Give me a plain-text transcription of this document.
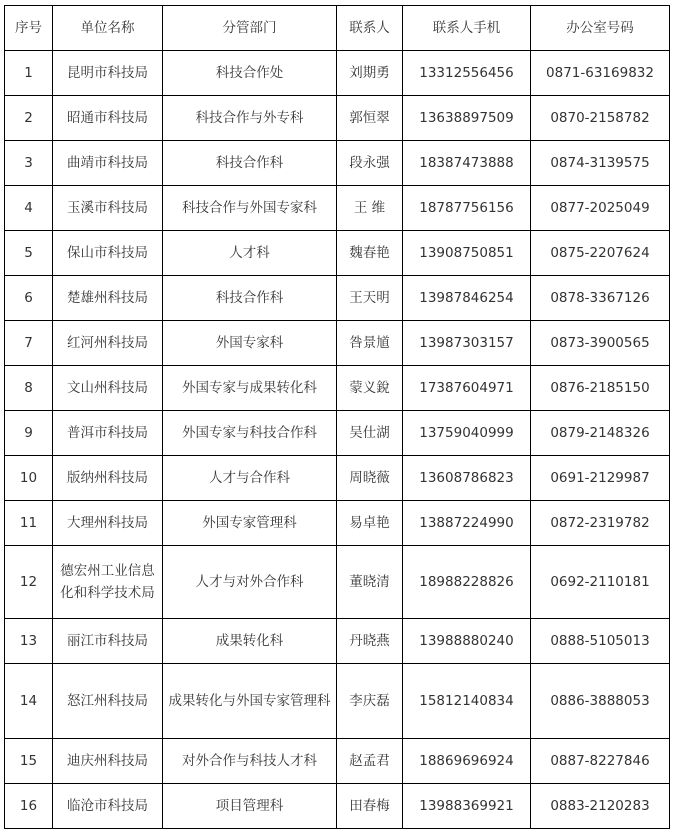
序号	单位名称	分管部门	联系人	联系人手机	办公室号码
1	昆明市科技局	科技合作处	刘期勇	13312556456	0871-63169832
2	昭通市科技局	科技合作与外专科	郭恒翠	13638897509	0870-2158782
3	曲靖市科技局	科技合作科	段永强	18387473888	0874-3139575
4	玉溪市科技局	科技合作与外国专家科	王 维	18787756156	0877-2025049
5	保山市科技局	人才科	魏春艳	13908750851	0875-2207624
6	楚雄州科技局	科技合作科	王天明	13987846254	0878-3367126
7	红河州科技局	外国专家科	咎景馗	13987303157	0873-3900565
8	文山州科技局	外国专家与成果转化科	蒙义銳	17387604971	0876-2185150
9	普洱市科技局	外国专家与科技合作科	吴仕湖	13759040999	0879-2148326
10	版纳州科技局	人才与合作科	周晓薇	13608786823	0691-2129987
11	大理州科技局	外国专家管理科	易卓艳	13887224990	0872-2319782
12	德宏州工业信息化和科学技术局	人才与对外合作科	董晓清	18988228826	0692-2110181
13	丽江市科技局	成果转化科	丹晓燕	13988880240	0888-5105013
14	怒江州科技局	成果转化与外国专家管理科	李庆磊	15812140834	0886-3888053
15	迪庆州科技局	对外合作与科技人才科	赵孟君	18869696924	0887-8227846
16	临沧市科技局	项目管理科	田春梅	13988369921	0883-2120283
